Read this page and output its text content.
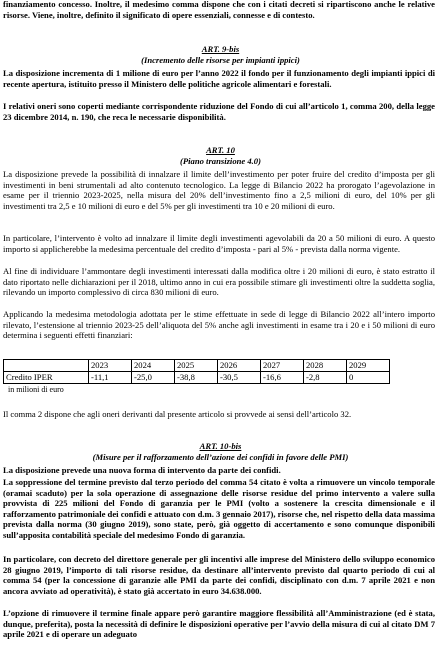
finanziamento concesso. Inoltre, il medesimo comma dispone che con i citati decreti si ripartiscono anche le relative risorse. Viene, inoltre, definito il significato di opere essenziali, connesse e di contesto.

ART. 9-bis

(Incremento delle risorse per impianti ippici)

La disposizione incrementa di 1 milione di euro per l’anno 2022 il fondo per il funzionamento degli impianti ippici di recente apertura, istituito presso il Ministero delle politiche agricole alimentari e forestali.

I relativi oneri sono coperti mediante corrispondente riduzione del Fondo di cui all’articolo 1, comma 200, della legge 23 dicembre 2014, n. 190, che reca le necessarie disponibilità.

ART. 10

(Piano transizione 4.0)

La disposizione prevede la possibilità di innalzare il limite dell’investimento per poter fruire del credito d’imposta per gli investimenti in beni strumentali ad alto contenuto tecnologico. La legge di Bilancio 2022 ha prorogato l’agevolazione in esame per il triennio 2023-2025, nella misura del 20% dell’investimento fino a 2,5 milioni di euro, del 10% per gli investimenti tra 2,5 e 10 milioni di euro e del 5% per gli investimenti tra 10 e 20 milioni di euro.

In particolare, l’intervento è volto ad innalzare il limite degli investimenti agevolabili da 20 a 50 milioni di euro. A questo importo si applicherebbe la medesima percentuale del credito d’imposta - pari al 5% - prevista dalla norma vigente.

Al fine di individuare l’ammontare degli investimenti interessati dalla modifica oltre i 20 milioni di euro, è stato estratto il dato riportato nelle dichiarazioni per il 2018, ultimo anno in cui era possibile stimare gli investimenti oltre la suddetta soglia, rilevando un importo complessivo di circa 830 milioni di euro.

Applicando la medesima metodologia adottata per le stime effettuate in sede di legge di Bilancio 2022 all’intero importo rilevato, l’estensione al triennio 2023-25 dell’aliquota del 5% anche agli investimenti in esame tra i 20 e i 50 milioni di euro determina i seguenti effetti finanziari:

	2023	2024	2025	2026	2027	2028	2029
Credito IPER	-11,1	-25,0	-38,8	-30,5	-16,6	-2,8	0

in milioni di euro

Il comma 2 dispone che agli oneri derivanti dal presente articolo si provvede ai sensi dell’articolo 32.

ART. 10-bis

(Misure per il rafforzamento dell’azione dei confidi in favore delle PMI)

La disposizione prevede una nuova forma di intervento da parte dei confidi.

La soppressione del termine previsto dal terzo periodo del comma 54 citato è volta a rimuovere un vincolo temporale (oramai scaduto) per la sola operazione di assegnazione delle risorse residue del primo intervento a valere sulla provvista di 225 milioni del Fondo di garanzia per le PMI (volto a sostenere la crescita dimensionale e il rafforzamento patrimoniale dei confidi e attuato con d.m. 3 gennaio 2017), risorse che, nel rispetto della data massima prevista dalla norma (30 giugno 2019), sono state, però, già oggetto di accertamento e sono comunque disponibili sull’apposita contabilità speciale del medesimo Fondo di garanzia.

In particolare, con decreto del direttore generale per gli incentivi alle imprese del Ministero dello sviluppo economico 28 giugno 2019, l’importo di tali risorse residue, da destinare all’intervento previsto dal quarto periodo di cui al comma 54 (per la concessione di garanzie alle PMI da parte dei confidi, disciplinato con d.m. 7 aprile 2021 e non ancora avviato ad operatività), è stato già accertato in euro 34.638.000.

L’opzione di rimuovere il termine finale appare però garantire maggiore flessibilità all’Amministrazione (ed è stata, dunque, preferita), posta la necessità di definire le disposizioni operative per l’avvio della misura di cui al citato DM 7 aprile 2021 e di operare un adeguato
